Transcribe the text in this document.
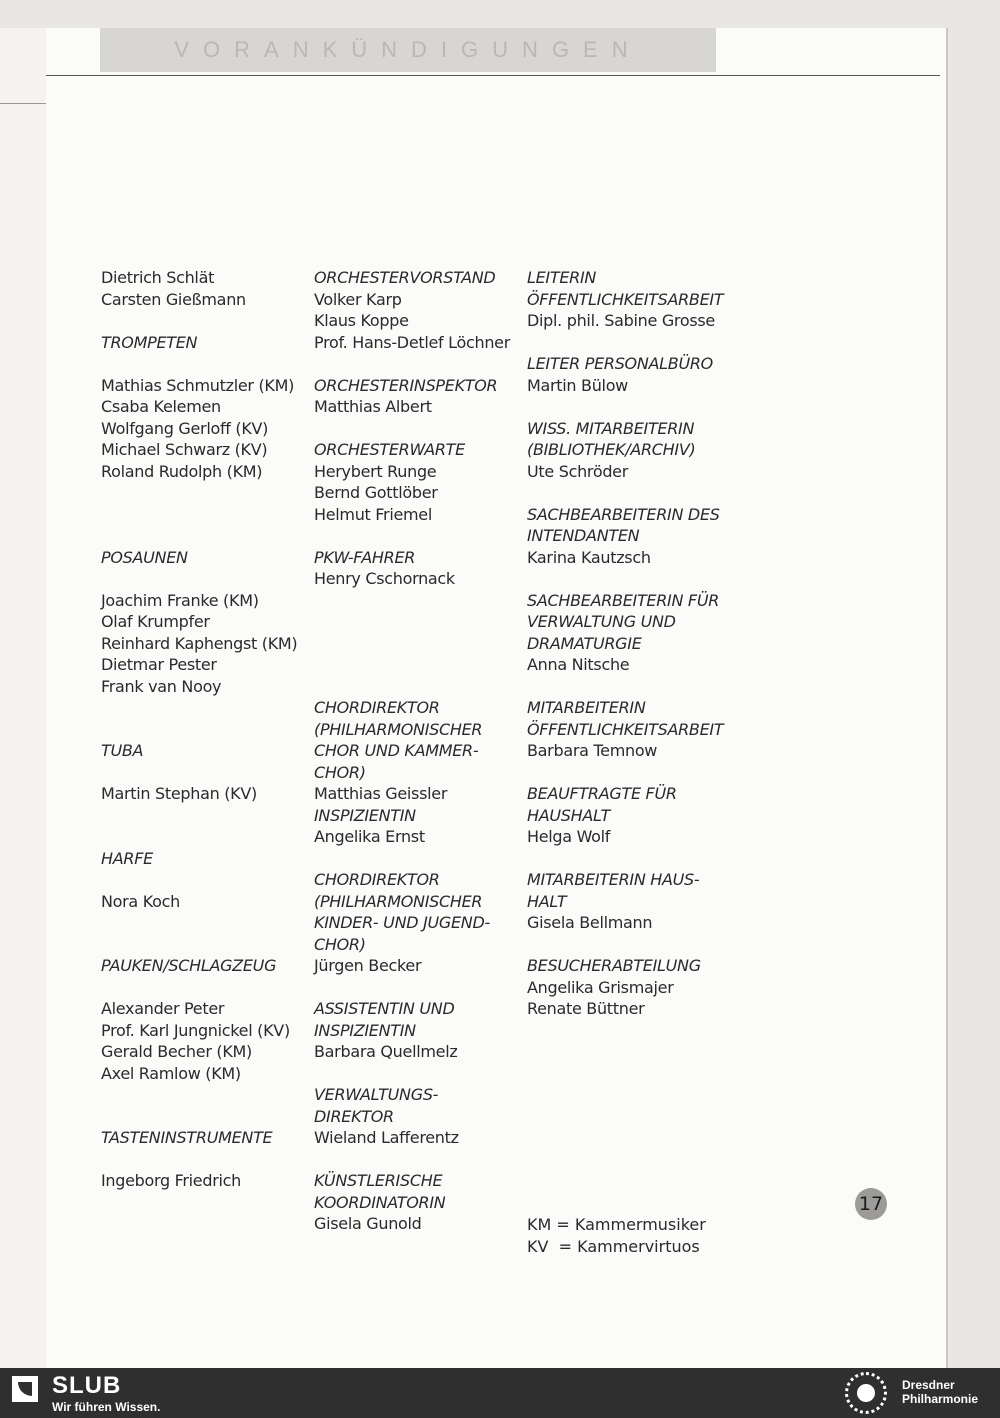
VORANKÜNDIGUNGEN
Dietrich Schlät
Carsten Gießmann
TROMPETEN
Mathias Schmutzler (KM)
Csaba Kelemen
Wolfgang Gerloff (KV)
Michael Schwarz (KV)
Roland Rudolph (KM)
POSAUNEN
Joachim Franke (KM)
Olaf Krumpfer
Reinhard Kaphengst (KM)
Dietmar Pester
Frank van Nooy
TUBA
Martin Stephan (KV)
HARFE
Nora Koch
PAUKEN/SCHLAGZEUG
Alexander Peter
Prof. Karl Jungnickel (KV)
Gerald Becher (KM)
Axel Ramlow (KM)
TASTENINSTRUMENTE
Ingeborg Friedrich
ORCHESTERVORSTAND
Volker Karp
Klaus Koppe
Prof. Hans-Detlef Löchner
ORCHESTERINSPEKTOR
Matthias Albert
ORCHESTERWARTE
Herybert Runge
Bernd Gottlöber
Helmut Friemel
PKW-FAHRER
Henry Cschornack
CHORDIREKTOR
(PHILHARMONISCHER
CHOR UND KAMMER-
CHOR)
Matthias Geissler
INSPIZIENTIN
Angelika Ernst
CHORDIREKTOR
(PHILHARMONISCHER
KINDER- UND JUGEND-
CHOR)
Jürgen Becker
ASSISTENTIN UND
INSPIZIENTIN
Barbara Quellmelz
VERWALTUNGS-
DIREKTOR
Wieland Lafferentz
KÜNSTLERISCHE
KOORDINATORIN
Gisela Gunold
LEITERIN
ÖFFENTLICHKEITSARBEIT
Dipl. phil. Sabine Grosse
LEITER PERSONALBÜRO
Martin Bülow
WISS. MITARBEITERIN
(BIBLIOTHEK/ARCHIV)
Ute Schröder
SACHBEARBEITERIN DES
INTENDANTEN
Karina Kautzsch
SACHBEARBEITERIN FÜR
VERWALTUNG UND
DRAMATURGIE
Anna Nitsche
MITARBEITERIN
ÖFFENTLICHKEITSARBEIT
Barbara Temnow
BEAUFTRAGTE FÜR
HAUSHALT
Helga Wolf
MITARBEITERIN HAUS-
HALT
Gisela Bellmann
BESUCHERABTEILUNG
Angelika Grismajer
Renate Büttner
17
KM = Kammermusiker
KV  = Kammervirtuos
SLUB
Wir führen Wissen.
Dresdner
Philharmonie
